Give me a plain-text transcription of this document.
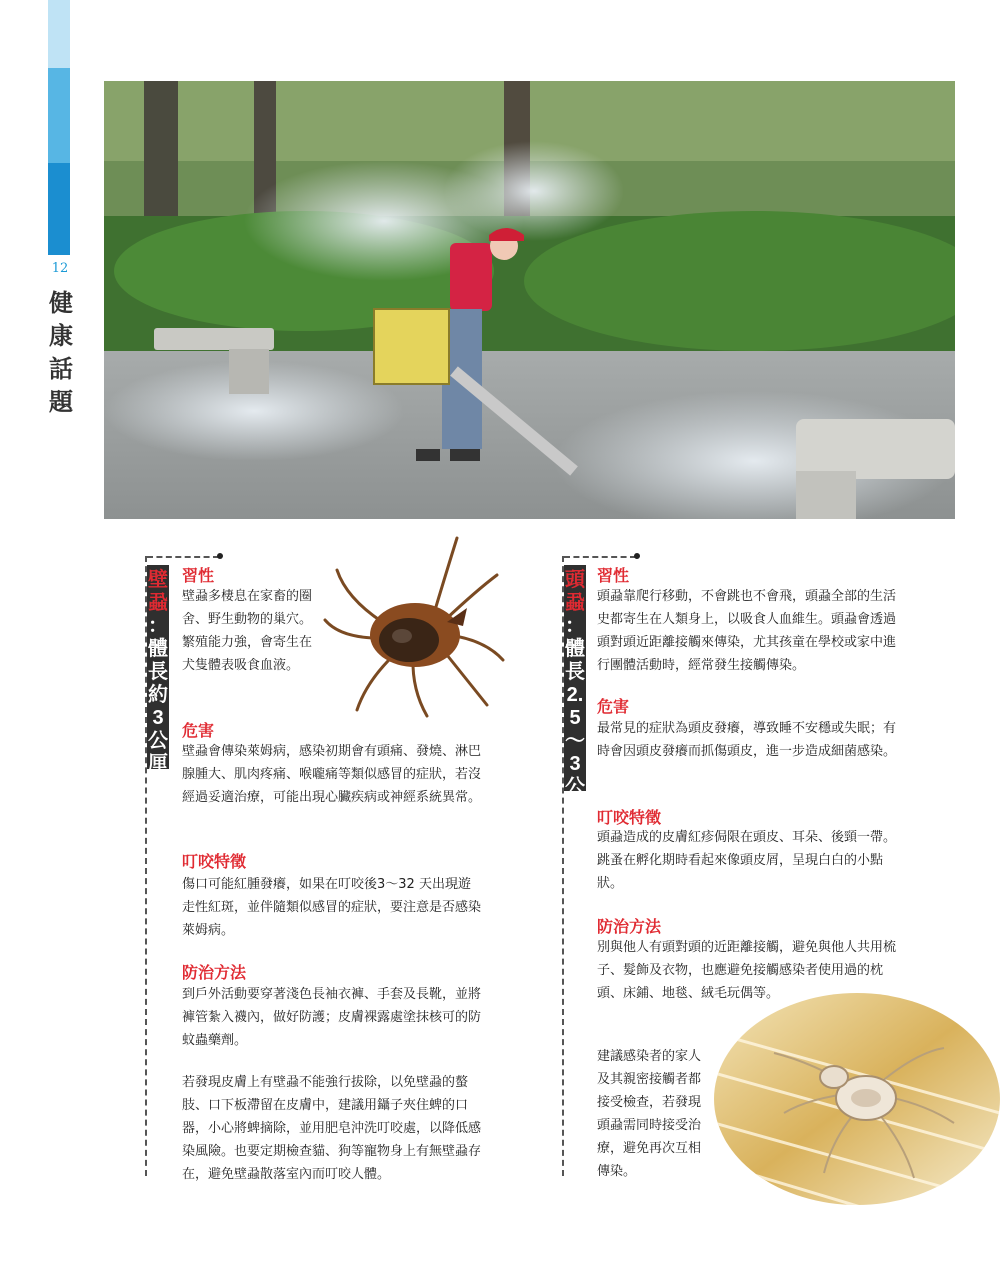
12
健康話題
壁蝨
：
體長約3公厘
習性

壁蝨多棲息在家畜的圈舍、野生動物的巢穴。繁殖能力強，會寄生在犬隻體表吸食血液。

危害

壁蝨會傳染萊姆病，感染初期會有頭痛、發燒、淋巴腺腫大、肌肉疼痛、喉嚨痛等類似感冒的症狀，若沒經過妥適治療，可能出現心臟疾病或神經系統異常。

叮咬特徵

傷口可能紅腫發癢，如果在叮咬後3～32 天出現遊走性紅斑，並伴隨類似感冒的症狀，要注意是否感染萊姆病。

防治方法

到戶外活動要穿著淺色長袖衣褲、手套及長靴，並將褲管紮入襪內，做好防護；皮膚裸露處塗抹核可的防蚊蟲藥劑。

若發現皮膚上有壁蝨不能強行拔除，以免壁蝨的螯肢、口下板滯留在皮膚中，建議用鑷子夾住蜱的口器，小心將蜱摘除，並用肥皂沖洗叮咬處，以降低感染風險。也要定期檢查貓、狗等寵物身上有無壁蝨存在，避免壁蝨散落室內而叮咬人體。

頭蝨
：
體長2.5～3公厘
習性

頭蝨靠爬行移動，不會跳也不會飛，頭蝨全部的生活史都寄生在人類身上，以吸食人血維生。頭蝨會透過頭對頭近距離接觸來傳染，尤其孩童在學校或家中進行團體活動時，經常發生接觸傳染。

危害

最常見的症狀為頭皮發癢，導致睡不安穩或失眠；有時會因頭皮發癢而抓傷頭皮，進一步造成細菌感染。

叮咬特徵

頭蝨造成的皮膚紅疹侷限在頭皮、耳朵、後頸一帶。跳蚤在孵化期時看起來像頭皮屑，呈現白白的小點狀。

防治方法

別與他人有頭對頭的近距離接觸，避免與他人共用梳子、髮飾及衣物，也應避免接觸感染者使用過的枕頭、床鋪、地毯、絨毛玩偶等。

建議感染者的家人及其親密接觸者都接受檢查，若發現頭蝨需同時接受治療，避免再次互相傳染。
